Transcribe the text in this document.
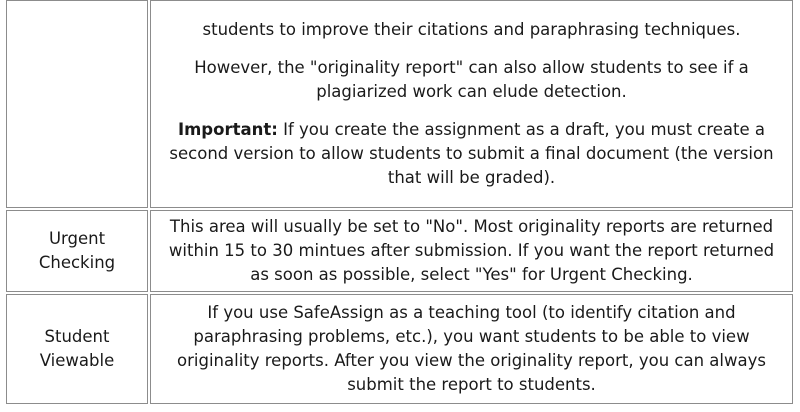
	students to improve their citations and paraphrasing techniques.

However, the "originality report" can also allow students to see if a plagiarized work can elude detection.

Important: If you create the assignment as a draft, you must create a second version to allow students to submit a final document (the version that will be graded).

Urgent
Checking	This area will usually be set to "No". Most originality reports are returned within 15 to 30 mintues after submission. If you want the report returned as soon as possible, select "Yes" for Urgent Checking.

Student
Viewable	If you use SafeAssign as a teaching tool (to identify citation and paraphrasing problems, etc.), you want students to be able to view originality reports. After you view the originality report, you can always submit the report to students.
